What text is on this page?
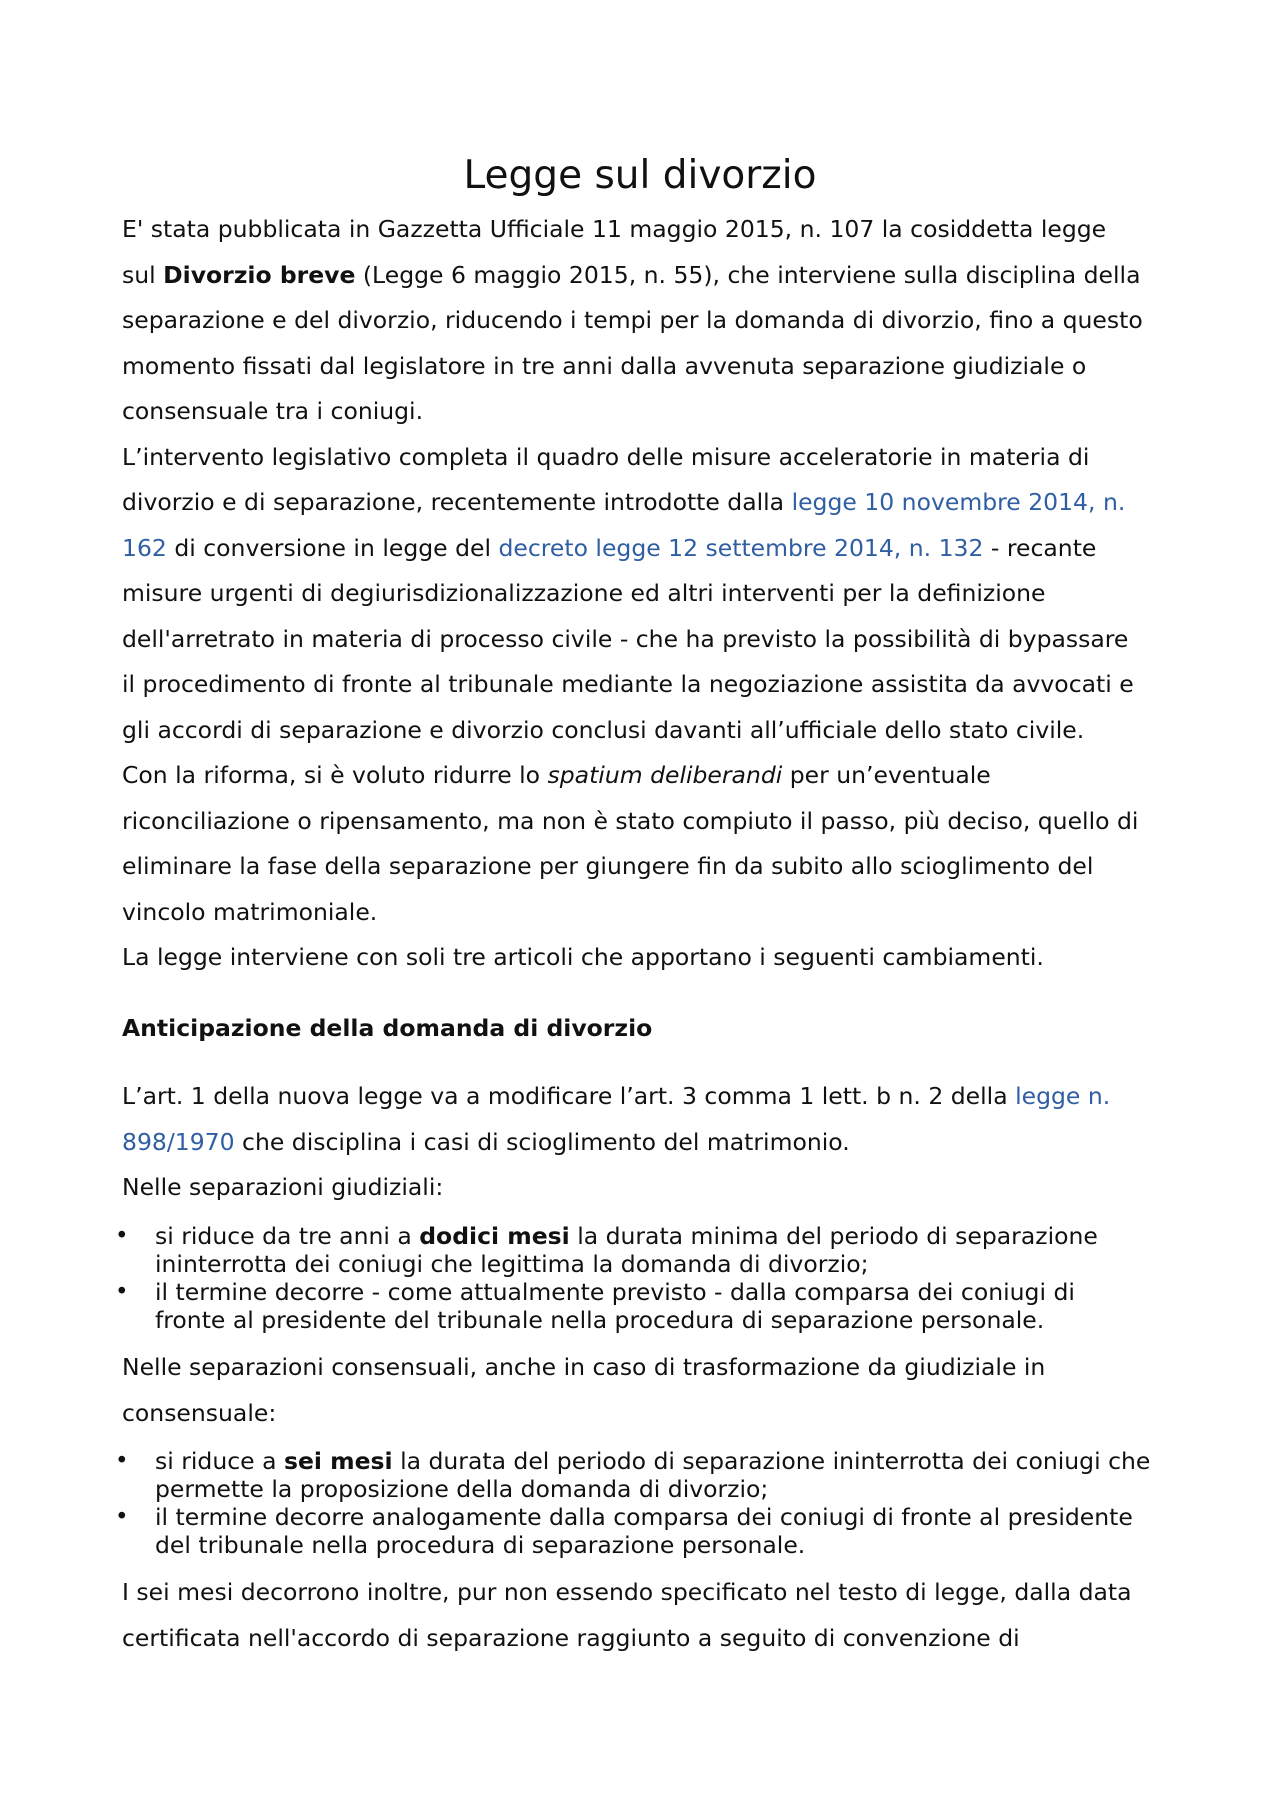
Legge sul divorzio
E' stata pubblicata in Gazzetta Ufficiale 11 maggio 2015, n. 107 la cosiddetta legge
sul Divorzio breve (Legge 6 maggio 2015, n. 55), che interviene sulla disciplina della
separazione e del divorzio, riducendo i tempi per la domanda di divorzio, fino a questo
momento fissati dal legislatore in tre anni dalla avvenuta separazione giudiziale o
consensuale tra i coniugi.
L’intervento legislativo completa il quadro delle misure acceleratorie in materia di
divorzio e di separazione, recentemente introdotte dalla legge 10 novembre 2014, n.
162 di conversione in legge del decreto legge 12 settembre 2014, n. 132 - recante
misure urgenti di degiurisdizionalizzazione ed altri interventi per la definizione
dell'arretrato in materia di processo civile - che ha previsto la possibilità di bypassare
il procedimento di fronte al tribunale mediante la negoziazione assistita da avvocati e
gli accordi di separazione e divorzio conclusi davanti all’ufficiale dello stato civile.
Con la riforma, si è voluto ridurre lo spatium deliberandi per un’eventuale
riconciliazione o ripensamento, ma non è stato compiuto il passo, più deciso, quello di
eliminare la fase della separazione per giungere fin da subito allo scioglimento del
vincolo matrimoniale.
La legge interviene con soli tre articoli che apportano i seguenti cambiamenti.
Anticipazione della domanda di divorzio
L’art. 1 della nuova legge va a modificare l’art. 3 comma 1 lett. b n. 2 della legge n.
898/1970 che disciplina i casi di scioglimento del matrimonio.
Nelle separazioni giudiziali:
• si riduce da tre anni a dodici mesi la durata minima del periodo di separazione
ininterrotta dei coniugi che legittima la domanda di divorzio;
• il termine decorre - come attualmente previsto - dalla comparsa dei coniugi di
fronte al presidente del tribunale nella procedura di separazione personale.
Nelle separazioni consensuali, anche in caso di trasformazione da giudiziale in
consensuale:
• si riduce a sei mesi la durata del periodo di separazione ininterrotta dei coniugi che
permette la proposizione della domanda di divorzio;
• il termine decorre analogamente dalla comparsa dei coniugi di fronte al presidente
del tribunale nella procedura di separazione personale.
I sei mesi decorrono inoltre, pur non essendo specificato nel testo di legge, dalla data
certificata nell'accordo di separazione raggiunto a seguito di convenzione di
